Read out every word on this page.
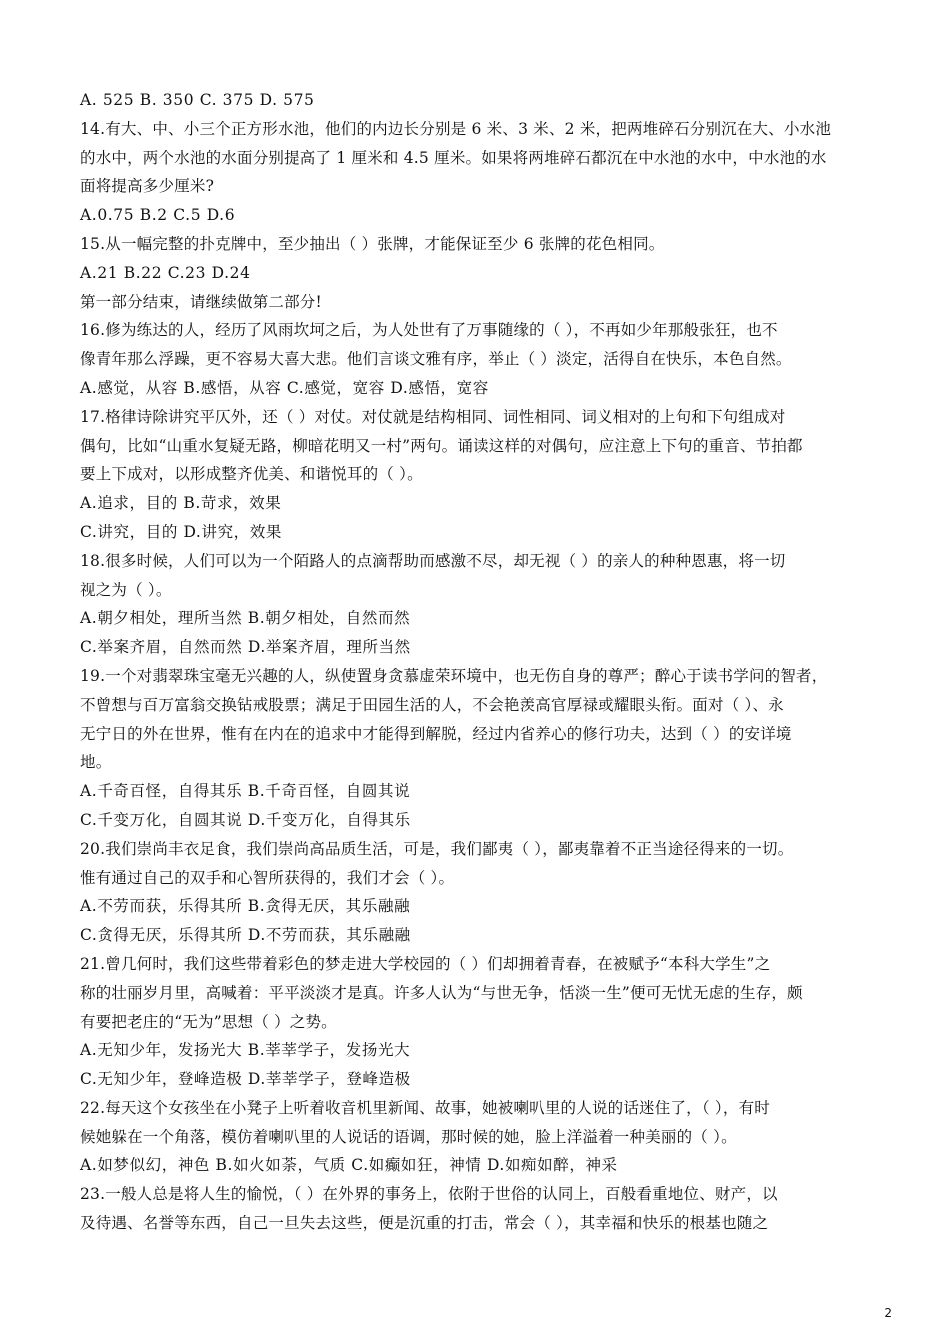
A. 525 B. 350 C. 375 D. 575
14.有大、中、小三个正方形水池，他们的内边长分别是 6 米、3 米、2 米，把两堆碎石分别沉在大、小水池
的水中，两个水池的水面分别提高了 1 厘米和 4.5 厘米。如果将两堆碎石都沉在中水池的水中，中水池的水
面将提高多少厘米?
A.0.75 B.2 C.5 D.6
15.从一幅完整的扑克牌中，至少抽出（ ）张牌，才能保证至少 6 张牌的花色相同。
A.21 B.22 C.23 D.24
第一部分结束，请继续做第二部分!
16.修为练达的人，经历了风雨坎坷之后，为人处世有了万事随缘的（ ），不再如少年那般张狂，也不
像青年那么浮躁，更不容易大喜大悲。他们言谈文雅有序，举止（ ）淡定，活得自在快乐，本色自然。
A.感觉，从容 B.感悟，从容 C.感觉，宽容 D.感悟，宽容
17.格律诗除讲究平仄外，还（ ）对仗。对仗就是结构相同、词性相同、词义相对的上句和下句组成对
偶句，比如“山重水复疑无路，柳暗花明又一村”两句。诵读这样的对偶句，应注意上下句的重音、节拍都
要上下成对，以形成整齐优美、和谐悦耳的（ ）。
A.追求，目的 B.苛求，效果
C.讲究，目的 D.讲究，效果
18.很多时候，人们可以为一个陌路人的点滴帮助而感激不尽，却无视（ ）的亲人的种种恩惠，将一切
视之为（ ）。
A.朝夕相处，理所当然 B.朝夕相处，自然而然
C.举案齐眉，自然而然 D.举案齐眉，理所当然
19.一个对翡翠珠宝毫无兴趣的人，纵使置身贪慕虚荣环境中，也无伤自身的尊严；醉心于读书学问的智者，
不曾想与百万富翁交换钻戒股票；满足于田园生活的人，不会艳羡高官厚禄或耀眼头衔。面对（ ）、永
无宁日的外在世界，惟有在内在的追求中才能得到解脱，经过内省养心的修行功夫，达到（ ）的安详境
地。
A.千奇百怪，自得其乐 B.千奇百怪，自圆其说
C.千变万化，自圆其说 D.千变万化，自得其乐
20.我们崇尚丰衣足食，我们崇尚高品质生活，可是，我们鄙夷（ ），鄙夷靠着不正当途径得来的一切。
惟有通过自己的双手和心智所获得的，我们才会（ ）。
A.不劳而获，乐得其所 B.贪得无厌，其乐融融
C.贪得无厌，乐得其所 D.不劳而获，其乐融融
21.曾几何时，我们这些带着彩色的梦走进大学校园的（ ）们却拥着青春，在被赋予“本科大学生”之
称的壮丽岁月里，高喊着：平平淡淡才是真。许多人认为“与世无争，恬淡一生”便可无忧无虑的生存，颇
有要把老庄的“无为”思想（ ）之势。
A.无知少年，发扬光大 B.莘莘学子，发扬光大
C.无知少年，登峰造极 D.莘莘学子，登峰造极
22.每天这个女孩坐在小凳子上听着收音机里新闻、故事，她被喇叭里的人说的话迷住了，（ ），有时
候她躲在一个角落，模仿着喇叭里的人说话的语调，那时候的她，脸上洋溢着一种美丽的（ ）。
A.如梦似幻，神色 B.如火如荼，气质 C.如癫如狂，神情 D.如痴如醉，神采
23.一般人总是将人生的愉悦，（ ）在外界的事务上，依附于世俗的认同上，百般看重地位、财产，以
及待遇、名誉等东西，自己一旦失去这些，便是沉重的打击，常会（ ），其幸福和快乐的根基也随之
2
